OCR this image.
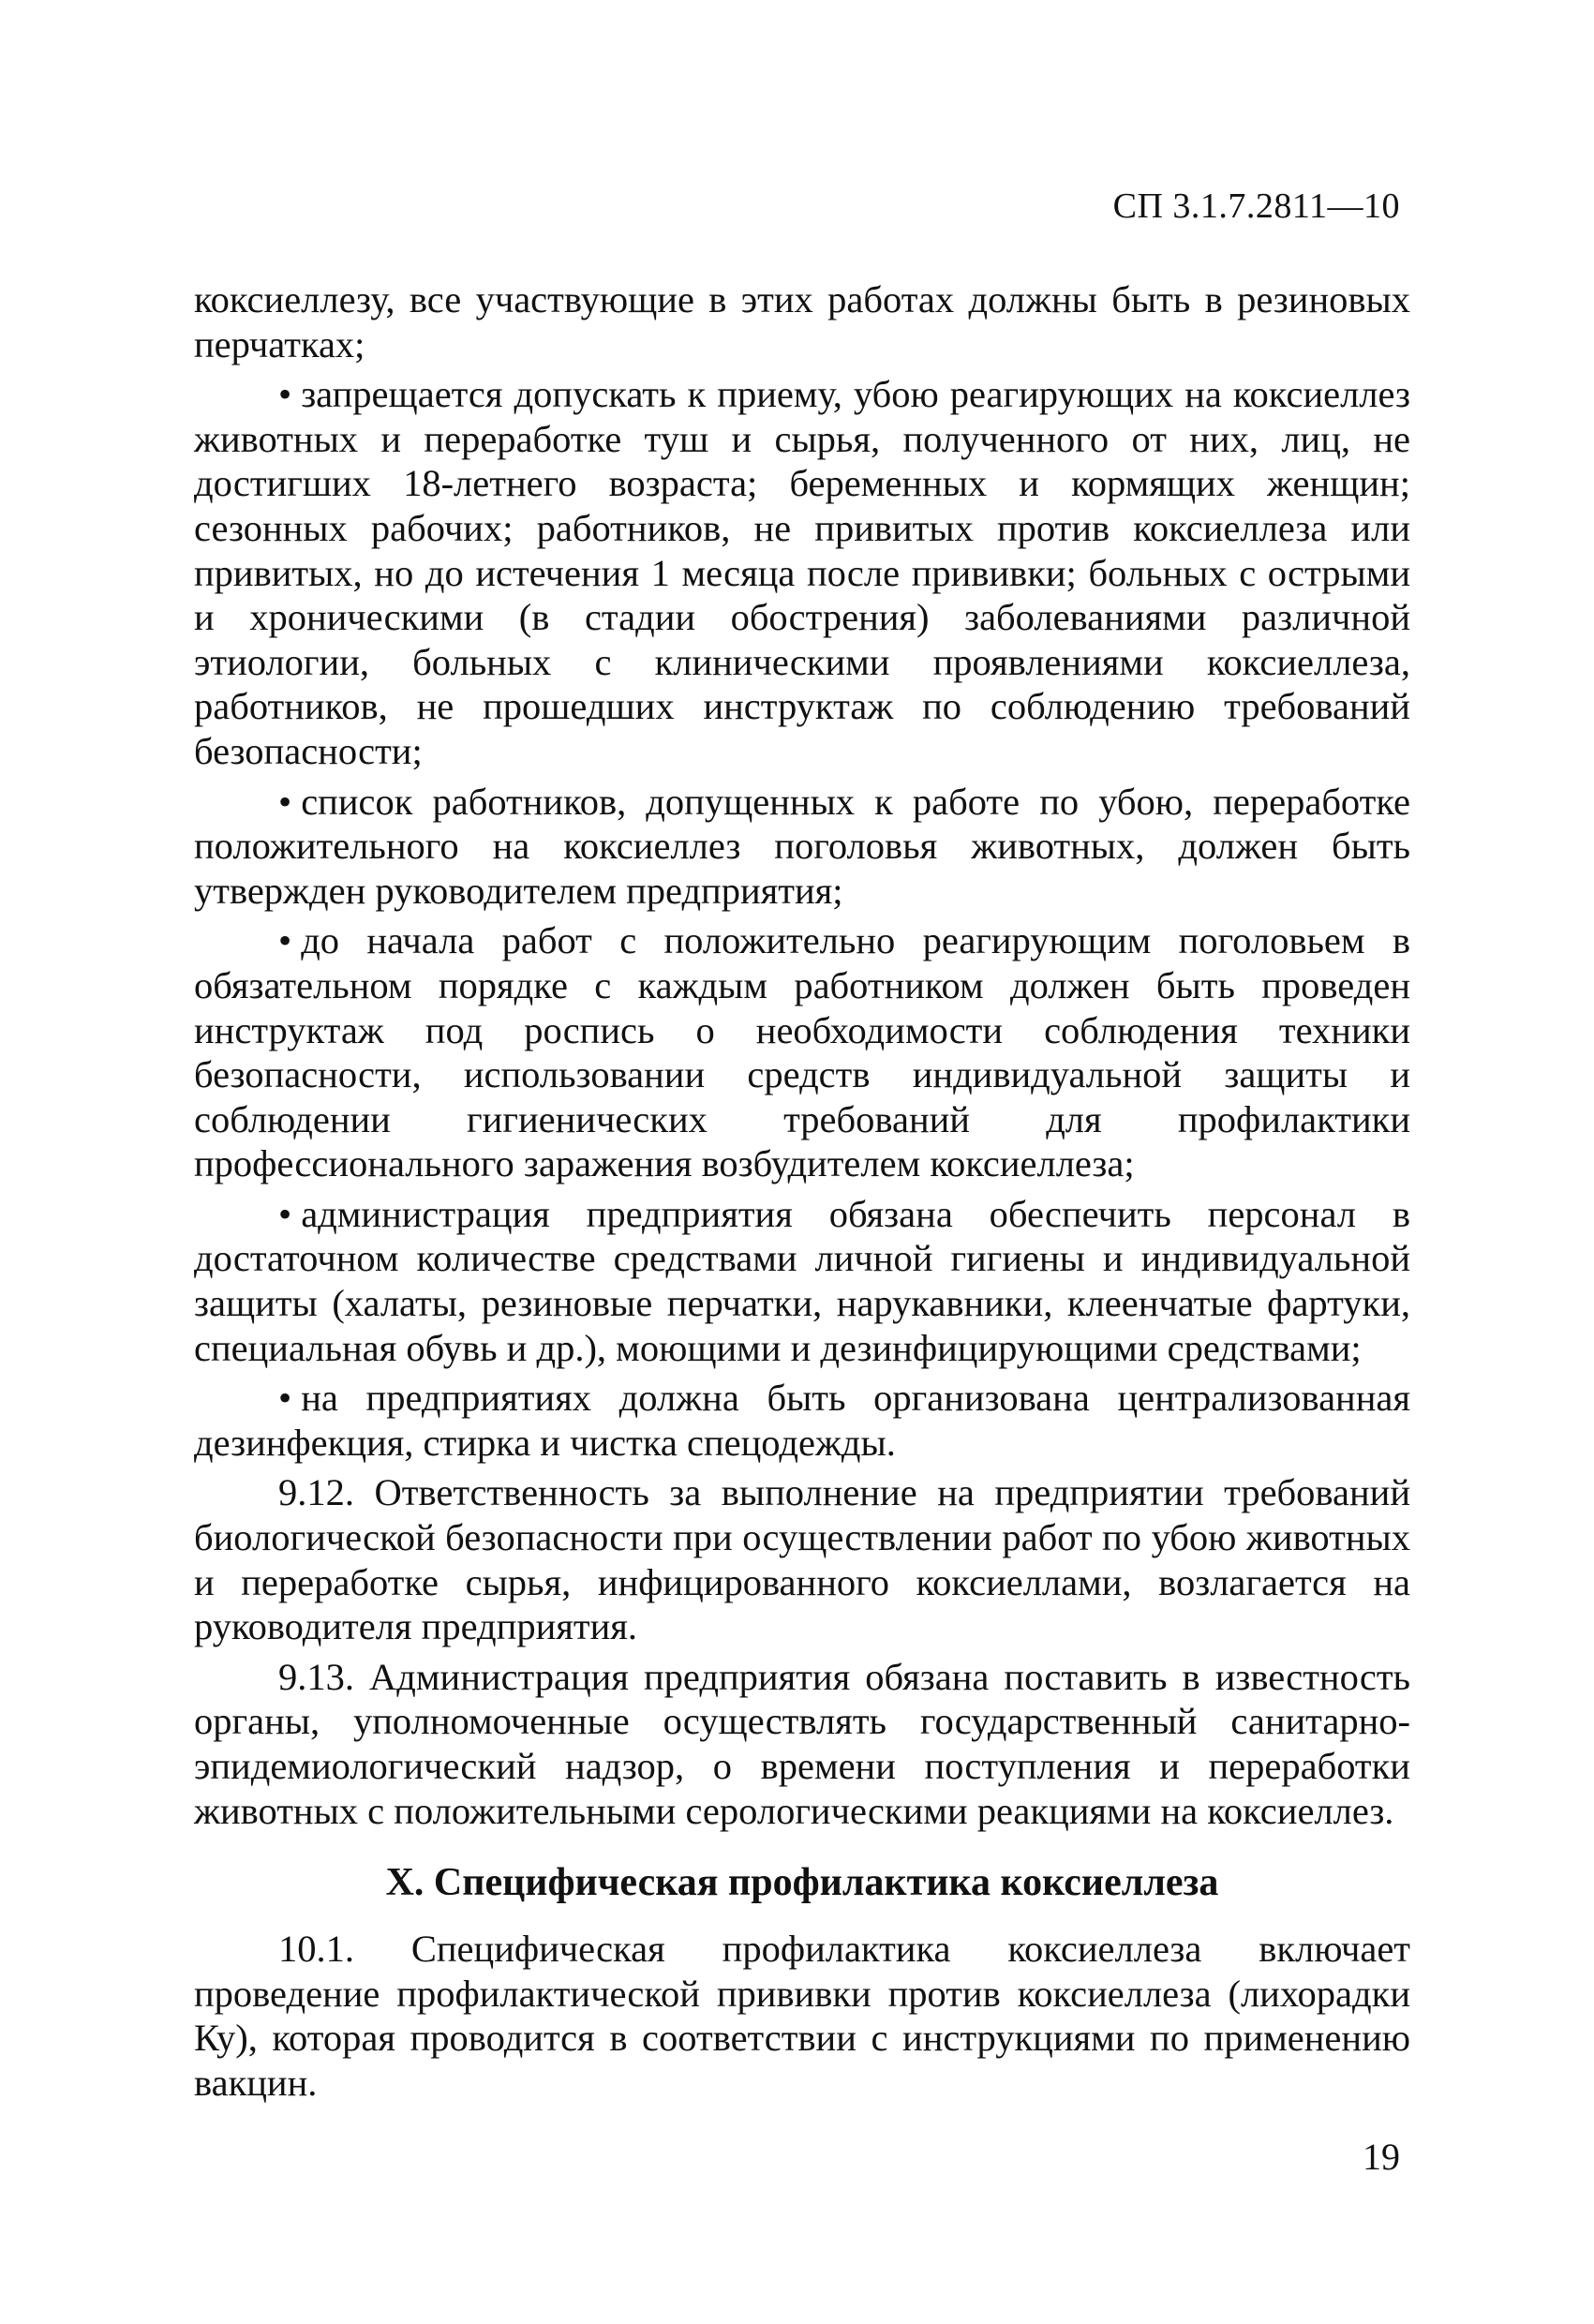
СП 3.1.7.2811—10

коксиеллезу, все участвующие в этих работах должны быть в резиновых перчатках;

• запрещается допускать к приему, убою реагирующих на коксиеллез животных и переработке туш и сырья, полученного от них, лиц, не достигших 18-летнего возраста; беременных и кормящих женщин; сезонных рабочих; работников, не привитых против коксиеллеза или привитых, но до истечения 1 месяца после прививки; больных с острыми и хроническими (в стадии обострения) заболеваниями различной этиологии, больных с клиническими проявлениями коксиеллеза, работников, не прошедших инструктаж по соблюдению требований безопасности;

• список работников, допущенных к работе по убою, переработке положительного на коксиеллез поголовья животных, должен быть утвержден руководителем предприятия;

• до начала работ с положительно реагирующим поголовьем в обязательном порядке с каждым работником должен быть проведен инструктаж под роспись о необходимости соблюдения техники безопасности, использовании средств индивидуальной защиты и соблюдении гигиенических требований для профилактики профессионального заражения возбудителем коксиеллеза;

• администрация предприятия обязана обеспечить персонал в достаточном количестве средствами личной гигиены и индивидуальной защиты (халаты, резиновые перчатки, нарукавники, клеенчатые фартуки, специальная обувь и др.), моющими и дезинфицирующими средствами;

• на предприятиях должна быть организована централизованная дезинфекция, стирка и чистка спецодежды.

9.12. Ответственность за выполнение на предприятии требований биологической безопасности при осуществлении работ по убою животных и переработке сырья, инфицированного коксиеллами, возлагается на руководителя предприятия.

9.13. Администрация предприятия обязана поставить в известность органы, уполномоченные осуществлять государственный санитарно-эпидемиологический надзор, о времени поступления и переработки животных с положительными серологическими реакциями на коксиеллез.

X. Специфическая профилактика коксиеллеза

10.1. Специфическая профилактика коксиеллеза включает проведение профилактической прививки против коксиеллеза (лихорадки Ку), которая проводится в соответствии с инструкциями по применению вакцин.

19
